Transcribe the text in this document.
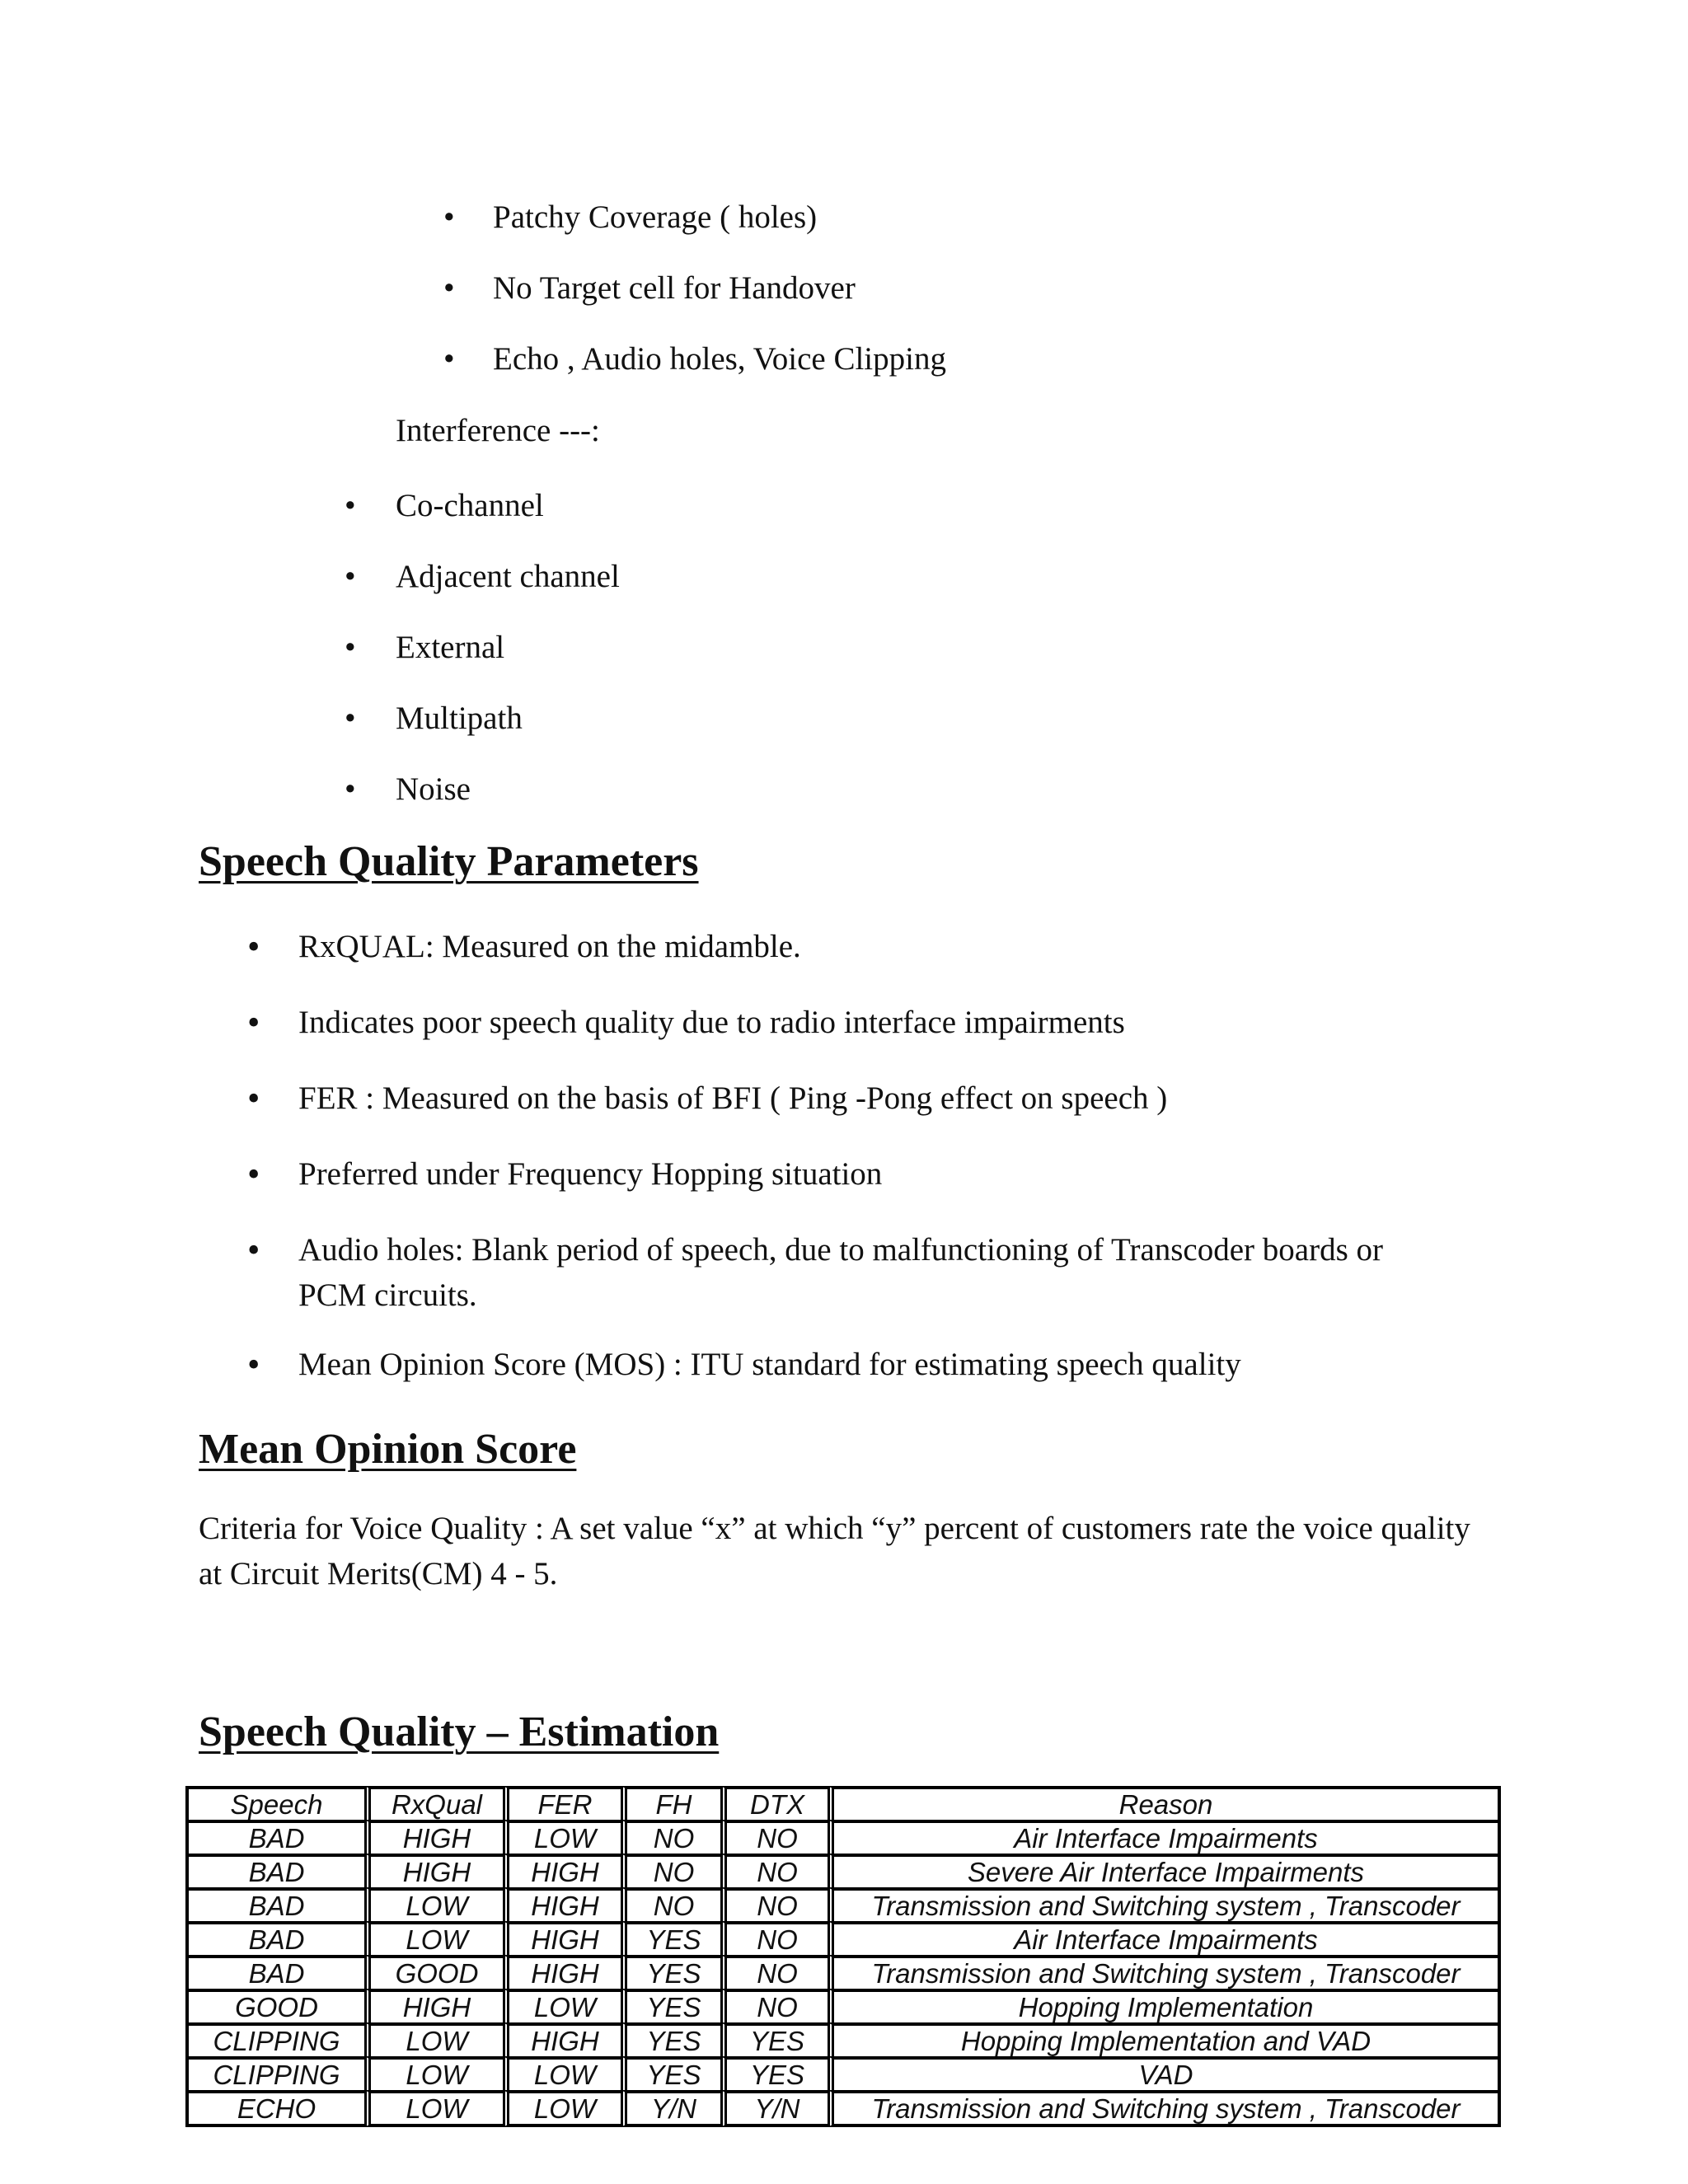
• Patchy Coverage ( holes)
• No Target cell for Handover
• Echo , Audio holes, Voice Clipping
Interference ---:
• Co-channel
• Adjacent channel
• External
• Multipath
• Noise
Speech Quality Parameters
• RxQUAL: Measured on the midamble.
• Indicates poor speech quality due to radio interface impairments
• FER : Measured on the basis of BFI ( Ping -Pong effect on speech )
• Preferred under Frequency Hopping situation
• Audio holes: Blank period of speech, due to malfunctioning of Transcoder boards or PCM circuits.
• Mean Opinion Score (MOS) : ITU standard for estimating speech quality
Mean Opinion Score

Criteria for Voice Quality : A set value “x” at which “y” percent of customers rate the voice quality at Circuit Merits(CM) 4 - 5.

Speech Quality – Estimation
Speech	RxQual	FER	FH	DTX	Reason
BAD	HIGH	LOW	NO	NO	Air Interface Impairments
BAD	HIGH	HIGH	NO	NO	Severe Air Interface Impairments
BAD	LOW	HIGH	NO	NO	Transmission and Switching system , Transcoder
BAD	LOW	HIGH	YES	NO	Air Interface Impairments
BAD	GOOD	HIGH	YES	NO	Transmission and Switching system , Transcoder
GOOD	HIGH	LOW	YES	NO	Hopping Implementation
CLIPPING	LOW	HIGH	YES	YES	Hopping Implementation and VAD
CLIPPING	LOW	LOW	YES	YES	VAD
ECHO	LOW	LOW	Y/N	Y/N	Transmission and Switching system , Transcoder
